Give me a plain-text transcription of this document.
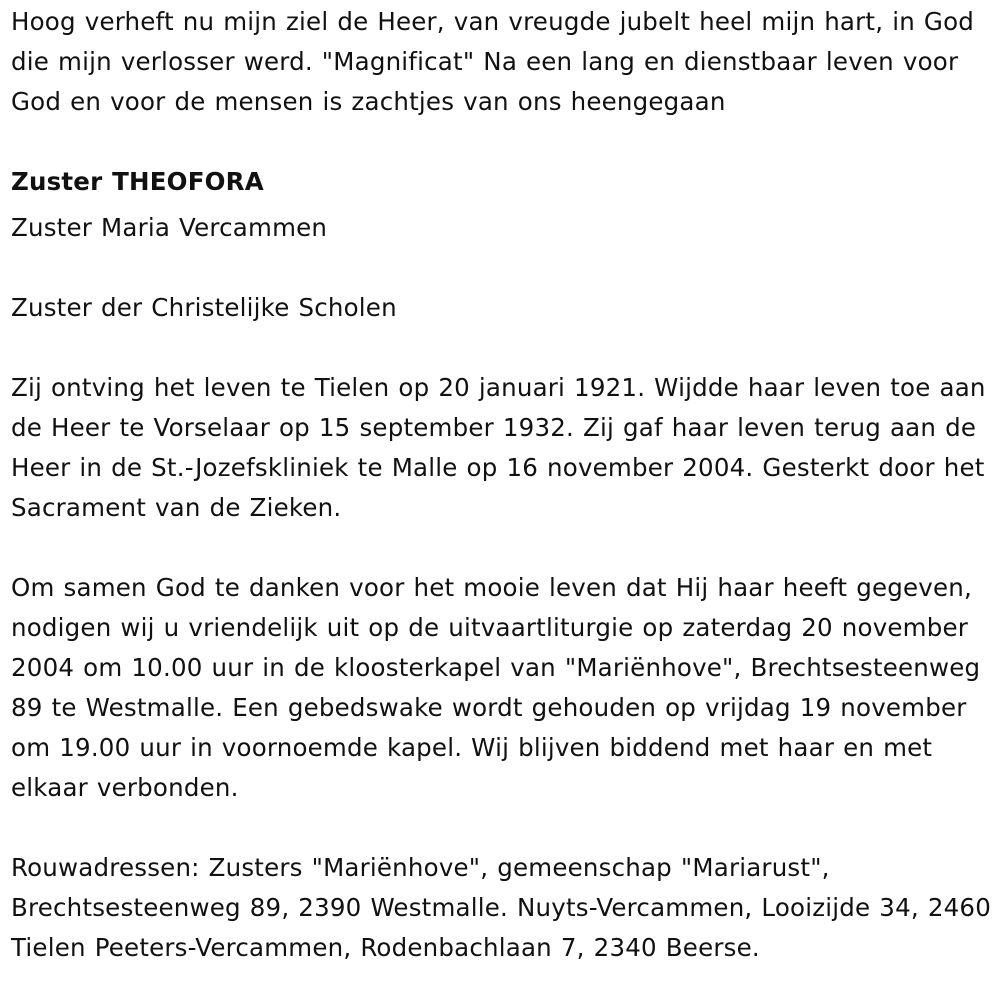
Hoog verheft nu mijn ziel de Heer, van vreugde jubelt heel mijn hart, in God die mijn verlosser werd. "Magnificat" Na een lang en dienstbaar leven voor God en voor de mensen is zachtjes van ons heengegaan

Zuster THEOFORA

Zuster Maria Vercammen

Zuster der Christelijke Scholen

Zij ontving het leven te Tielen op 20 januari 1921. Wijdde haar leven toe aan de Heer te Vorselaar op 15 september 1932. Zij gaf haar leven terug aan de Heer in de St.-Jozefskliniek te Malle op 16 november 2004. Gesterkt door het Sacrament van de Zieken.

Om samen God te danken voor het mooie leven dat Hij haar heeft gegeven, nodigen wij u vriendelijk uit op de uitvaartliturgie op zaterdag 20 november 2004 om 10.00 uur in de kloosterkapel van "Mariënhove", Brechtsesteenweg 89 te Westmalle. Een gebedswake wordt gehouden op vrijdag 19 november om 19.00 uur in voornoemde kapel. Wij blijven biddend met haar en met elkaar verbonden.

Rouwadressen: Zusters "Mariënhove", gemeenschap "Mariarust", Brechtsesteenweg 89, 2390 Westmalle. Nuyts-Vercammen, Looizijde 34, 2460 Tielen Peeters-Vercammen, Rodenbachlaan 7, 2340 Beerse.
